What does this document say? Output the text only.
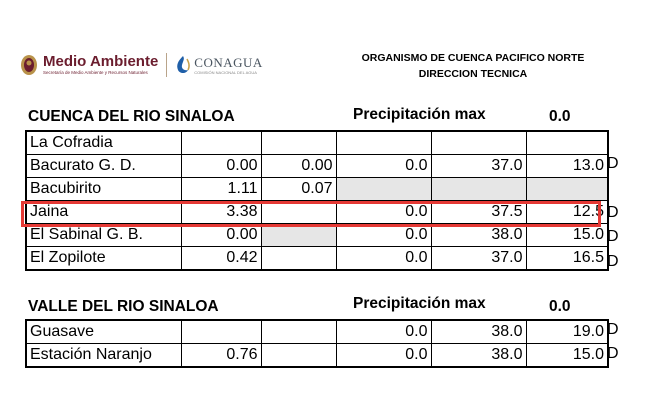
Medio Ambiente
Secretaría de Medio Ambiente y Recursos Naturales
CONAGUA
COMISIÓN NACIONAL DEL AGUA
ORGANISMO DE CUENCA PACIFICO NORTE
DIRECCION TECNICA
CUENCA DEL RIO SINALOA	Precipitación max	0.0
La Cofradia					
Bacurato G. D.	0.00	0.00	0.0	37.0	13.0
Bacubirito	1.11	0.07			
Jaina	3.38		0.0	37.5	12.5
El Sabinal G. B.	0.00		0.0	38.0	15.0
El Zopilote	0.42		0.0	37.0	16.5
D
D
D
D
VALLE DEL RIO SINALOA	Precipitación max	0.0
Guasave			0.0	38.0	19.0
Estación Naranjo	0.76		0.0	38.0	15.0
D
D
